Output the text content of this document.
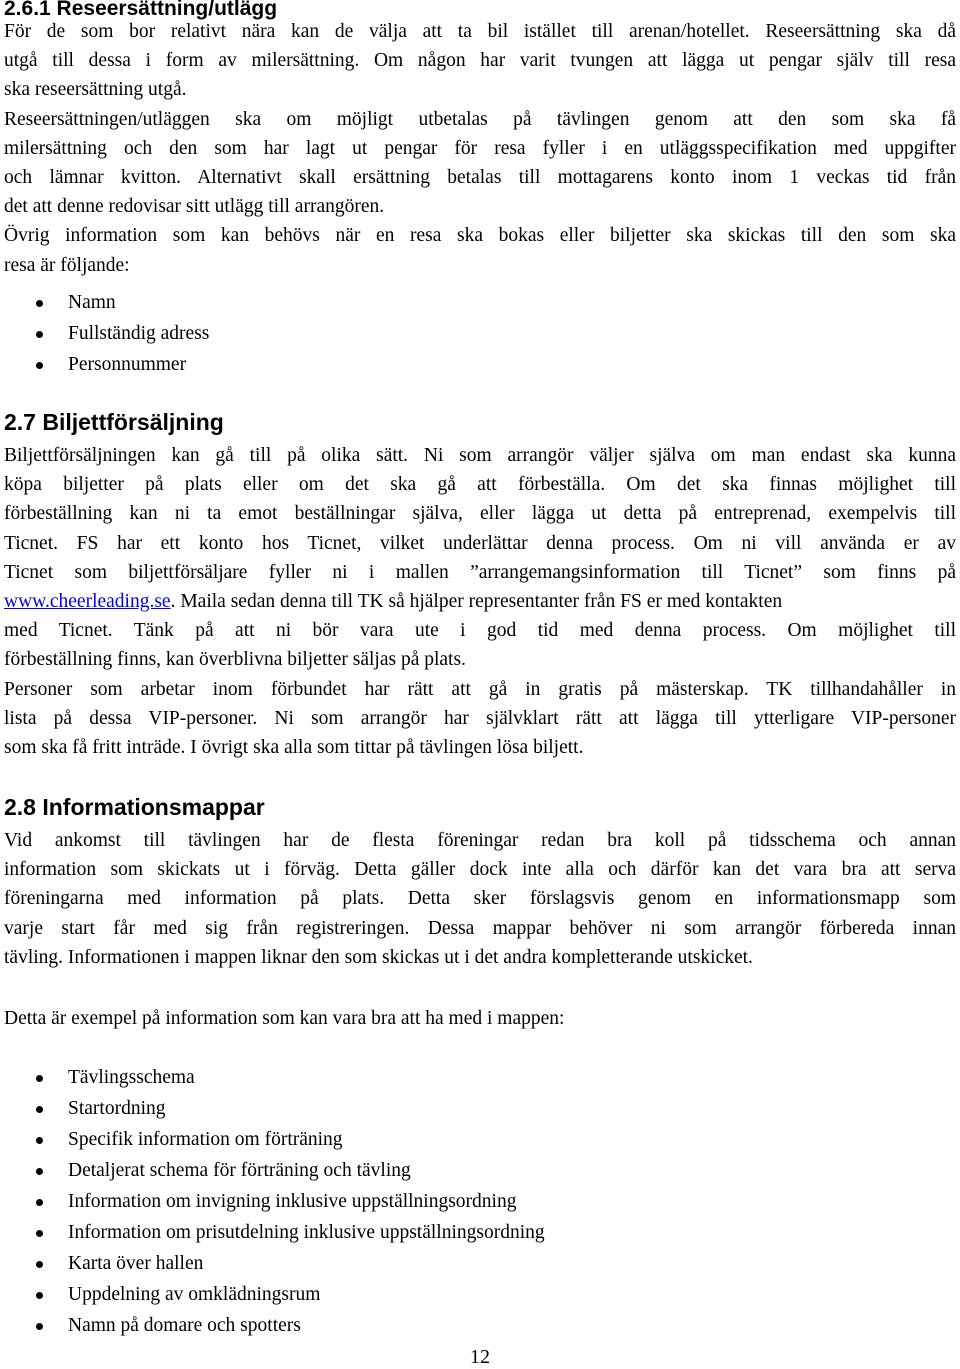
2.6.1 Reseersättning/utlägg
För de som bor relativt nära kan de välja att ta bil istället till arenan/hotellet. Reseersättning ska då
utgå till dessa i form av milersättning. Om någon har varit tvungen att lägga ut pengar själv till resa
ska reseersättning utgå.
Reseersättningen/utläggen ska om möjligt utbetalas på tävlingen genom att den som ska få
milersättning och den som har lagt ut pengar för resa fyller i en utläggsspecifikation med uppgifter
och lämnar kvitton. Alternativt skall ersättning betalas till mottagarens konto inom 1 veckas tid från
det att denne redovisar sitt utlägg till arrangören.
Övrig information som kan behövs när en resa ska bokas eller biljetter ska skickas till den som ska
resa är följande:
Namn
Fullständig adress
Personnummer
2.7 Biljettförsäljning
Biljettförsäljningen kan gå till på olika sätt. Ni som arrangör väljer själva om man endast ska kunna
köpa biljetter på plats eller om det ska gå att förbeställa. Om det ska finnas möjlighet till
förbeställning kan ni ta emot beställningar själva, eller lägga ut detta på entreprenad, exempelvis till
Ticnet. FS har ett konto hos Ticnet, vilket underlättar denna process. Om ni vill använda er av
Ticnet som biljettförsäljare fyller ni i mallen ”arrangemangsinformation till Ticnet” som finns på
www.cheerleading.se. Maila sedan denna till TK så hjälper representanter från FS er med kontakten
med Ticnet. Tänk på att ni bör vara ute i god tid med denna process. Om möjlighet till
förbeställning finns, kan överblivna biljetter säljas på plats.
Personer som arbetar inom förbundet har rätt att gå in gratis på mästerskap. TK tillhandahåller in
lista på dessa VIP-personer. Ni som arrangör har självklart rätt att lägga till ytterligare VIP-personer
som ska få fritt inträde. I övrigt ska alla som tittar på tävlingen lösa biljett.
2.8 Informationsmappar
Vid ankomst till tävlingen har de flesta föreningar redan bra koll på tidsschema och annan
information som skickats ut i förväg. Detta gäller dock inte alla och därför kan det vara bra att serva
föreningarna med information på plats. Detta sker förslagsvis genom en informationsmapp som
varje start får med sig från registreringen. Dessa mappar behöver ni som arrangör förbereda innan
tävling. Informationen i mappen liknar den som skickas ut i det andra kompletterande utskicket.
Detta är exempel på information som kan vara bra att ha med i mappen:
Tävlingsschema
Startordning
Specifik information om förträning
Detaljerat schema för förträning och tävling
Information om invigning inklusive uppställningsordning
Information om prisutdelning inklusive uppställningsordning
Karta över hallen
Uppdelning av omklädningsrum
Namn på domare och spotters
12
